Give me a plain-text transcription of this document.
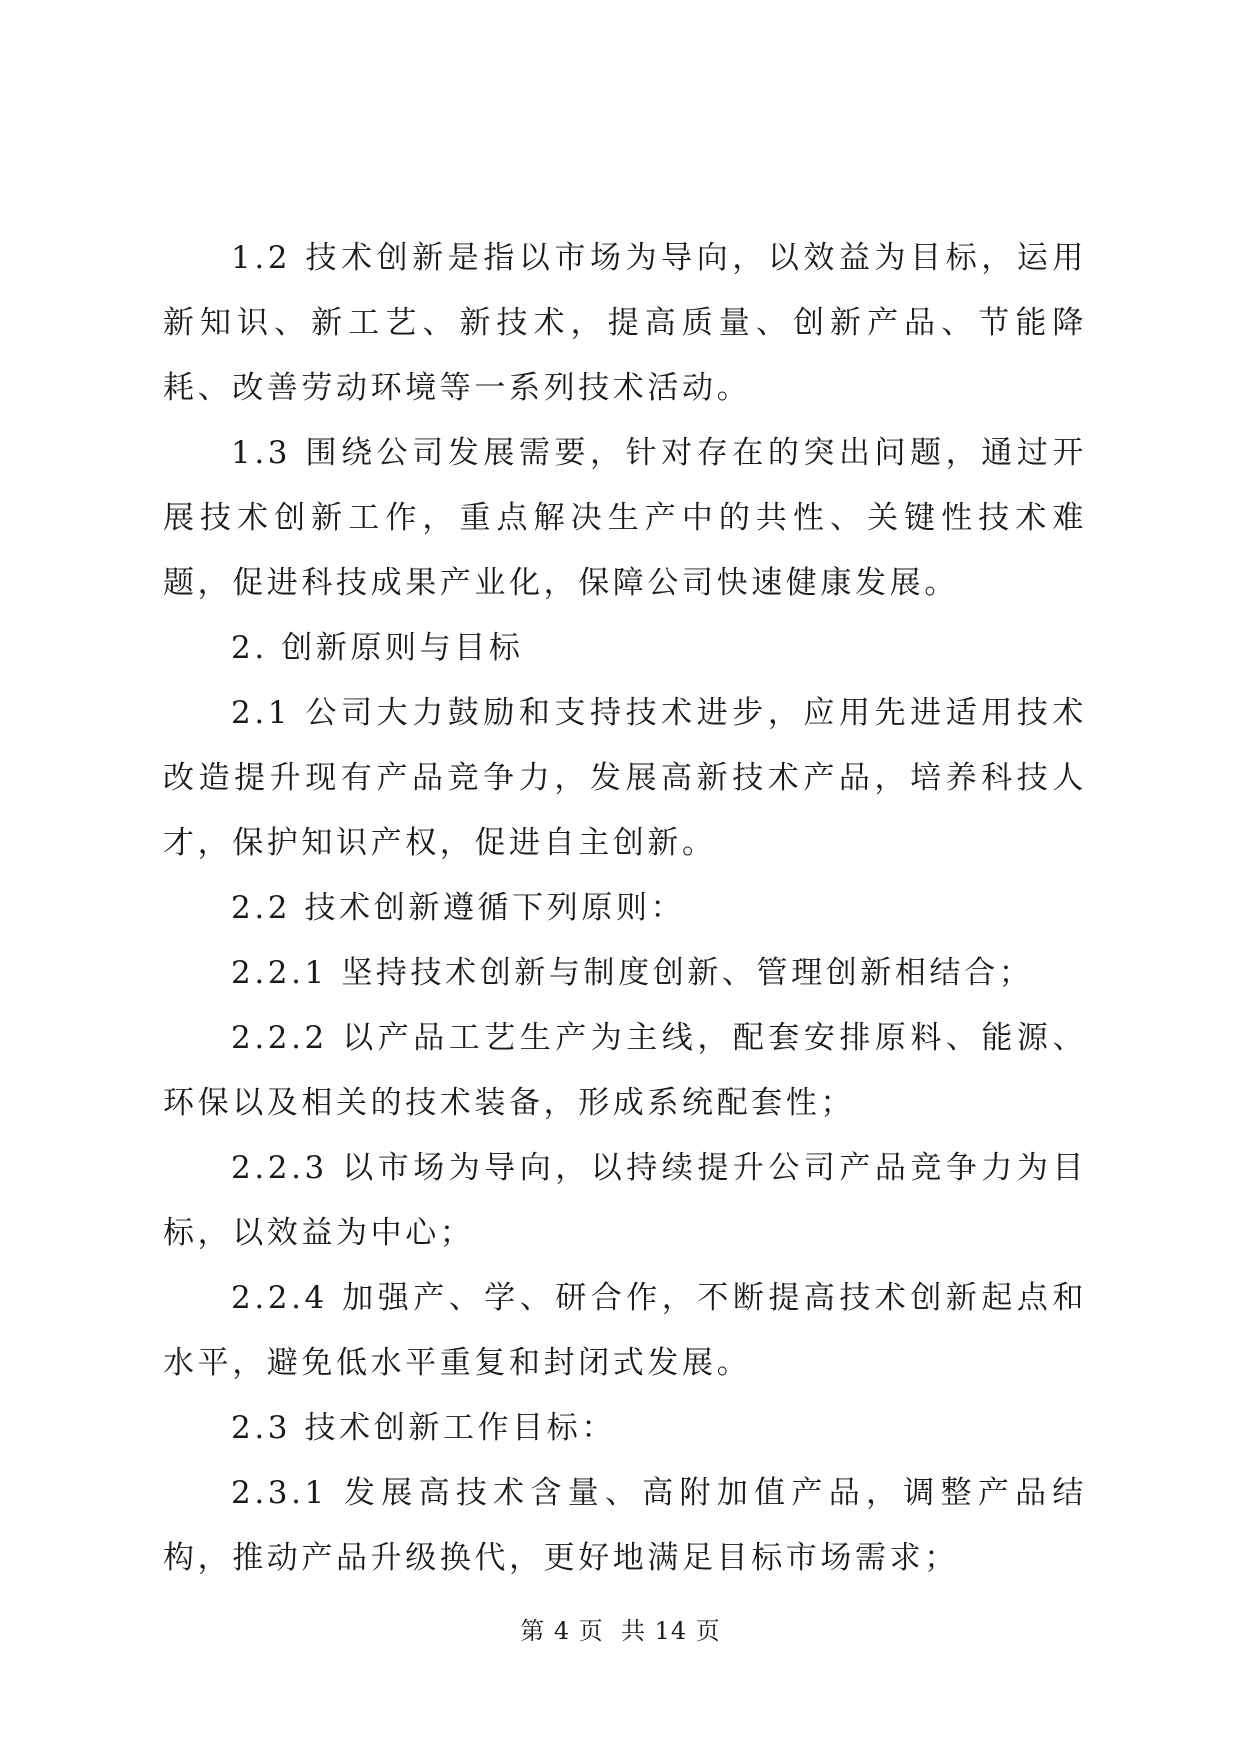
1.2 技术创新是指以市场为导向，以效益为目标，运用新知识、新工艺、新技术，提高质量、创新产品、节能降耗、改善劳动环境等一系列技术活动。

1.3 围绕公司发展需要，针对存在的突出问题，通过开展技术创新工作，重点解决生产中的共性、关键性技术难题，促进科技成果产业化，保障公司快速健康发展。

2. 创新原则与目标

2.1 公司大力鼓励和支持技术进步，应用先进适用技术改造提升现有产品竞争力，发展高新技术产品，培养科技人才，保护知识产权，促进自主创新。

2.2 技术创新遵循下列原则：

2.2.1 坚持技术创新与制度创新、管理创新相结合；

2.2.2 以产品工艺生产为主线，配套安排原料、能源、环保以及相关的技术装备，形成系统配套性；

2.2.3 以市场为导向，以持续提升公司产品竞争力为目标，以效益为中心；

2.2.4 加强产、学、研合作，不断提高技术创新起点和水平，避免低水平重复和封闭式发展。

2.3 技术创新工作目标：

2.3.1 发展高技术含量、高附加值产品，调整产品结构，推动产品升级换代，更好地满足目标市场需求；

第 4 页  共 14 页
